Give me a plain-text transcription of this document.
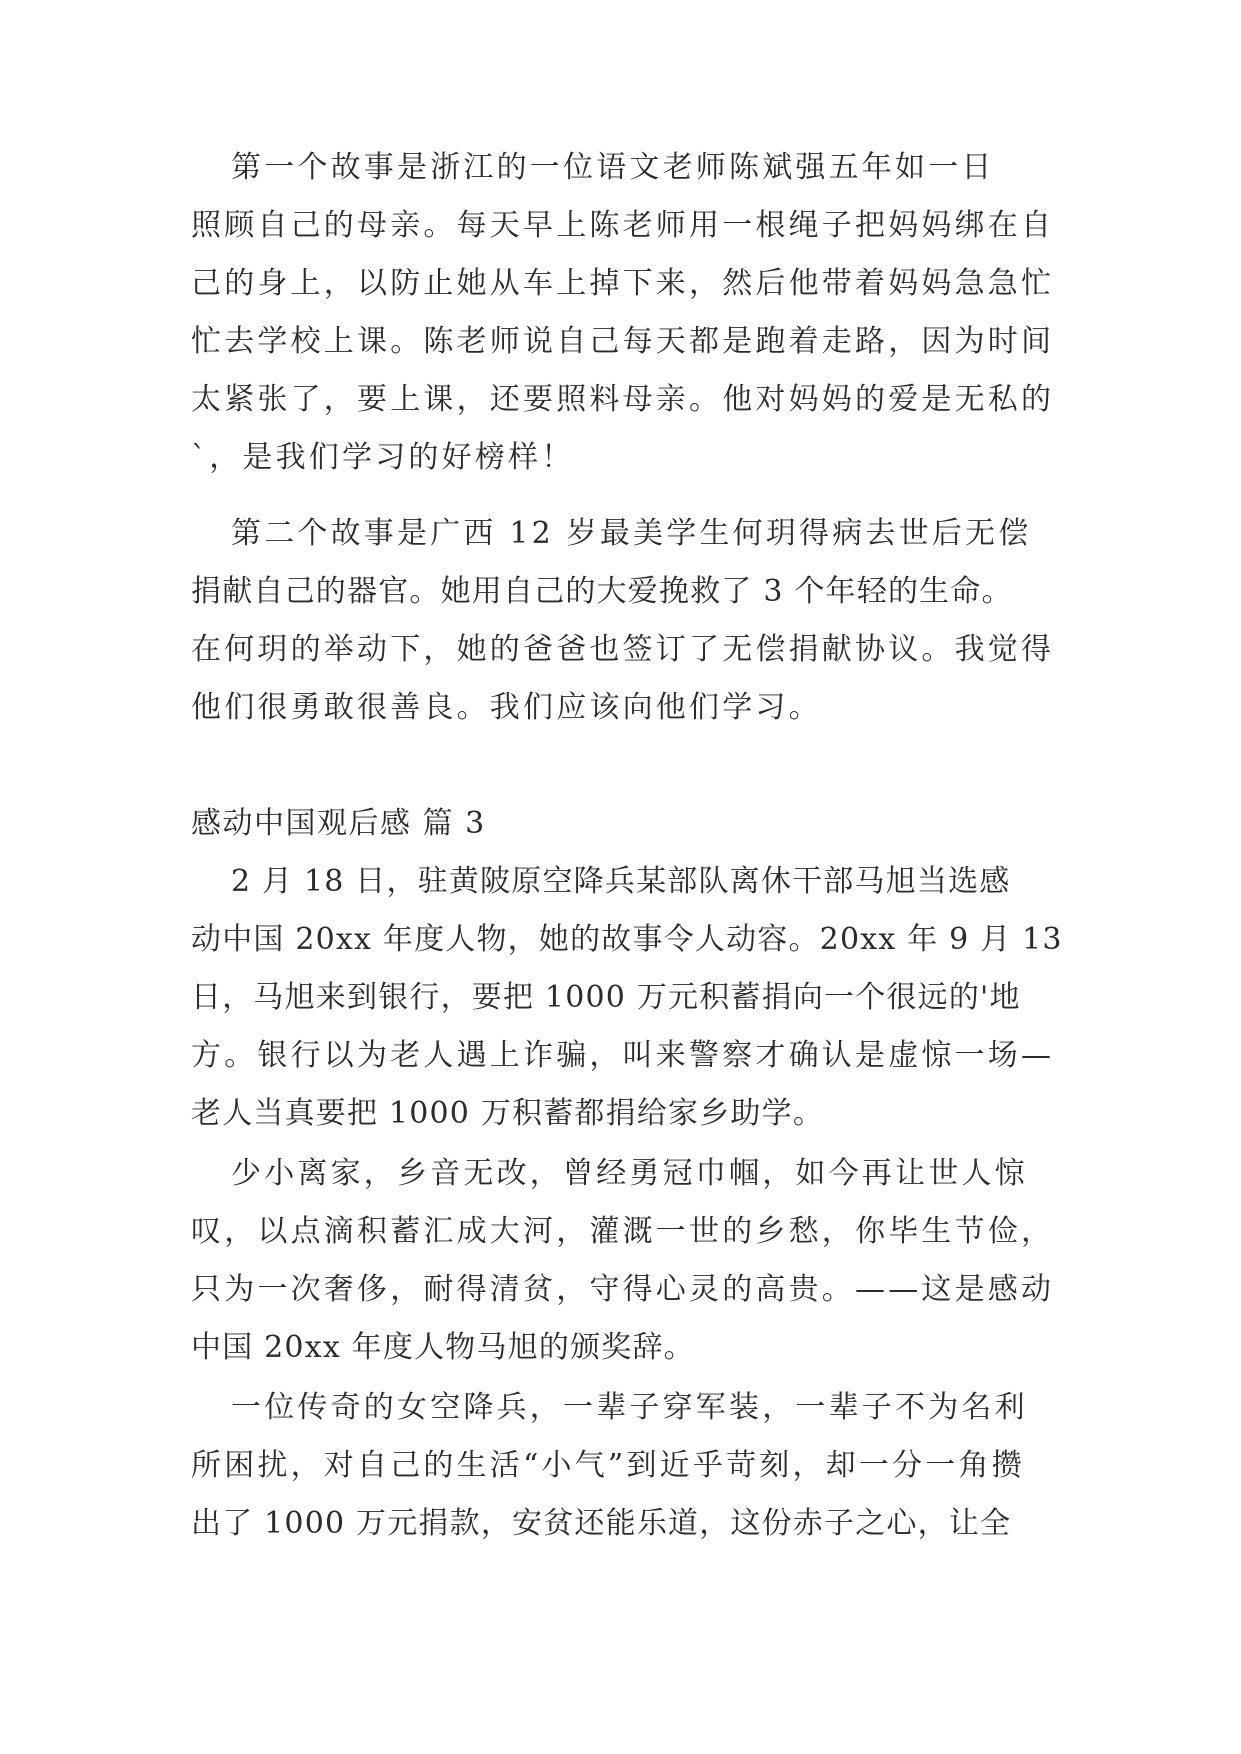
第一个故事是浙江的一位语文老师陈斌强五年如一日
照顾自己的母亲。每天早上陈老师用一根绳子把妈妈绑在自
己的身上，以防止她从车上掉下来，然后他带着妈妈急急忙
忙去学校上课。陈老师说自己每天都是跑着走路，因为时间
太紧张了，要上课，还要照料母亲。他对妈妈的爱是无私的
`，是我们学习的好榜样！
第二个故事是广西 12 岁最美学生何玥得病去世后无偿
捐献自己的器官。她用自己的大爱挽救了 3 个年轻的生命。
在何玥的举动下，她的爸爸也签订了无偿捐献协议。我觉得
他们很勇敢很善良。我们应该向他们学习。
感动中国观后感 篇 3
2 月 18 日，驻黄陂原空降兵某部队离休干部马旭当选感
动中国 20xx 年度人物，她的故事令人动容。20xx 年 9 月 13
日，马旭来到银行，要把 1000 万元积蓄捐向一个很远的'地
方。银行以为老人遇上诈骗，叫来警察才确认是虚惊一场—
老人当真要把 1000 万积蓄都捐给家乡助学。
少小离家，乡音无改，曾经勇冠巾帼，如今再让世人惊
叹，以点滴积蓄汇成大河，灌溉一世的乡愁，你毕生节俭，
只为一次奢侈，耐得清贫，守得心灵的高贵。——这是感动
中国 20xx 年度人物马旭的颁奖辞。
一位传奇的女空降兵，一辈子穿军装，一辈子不为名利
所困扰，对自己的生活“小气”到近乎苛刻，却一分一角攒
出了 1000 万元捐款，安贫还能乐道，这份赤子之心，让全
